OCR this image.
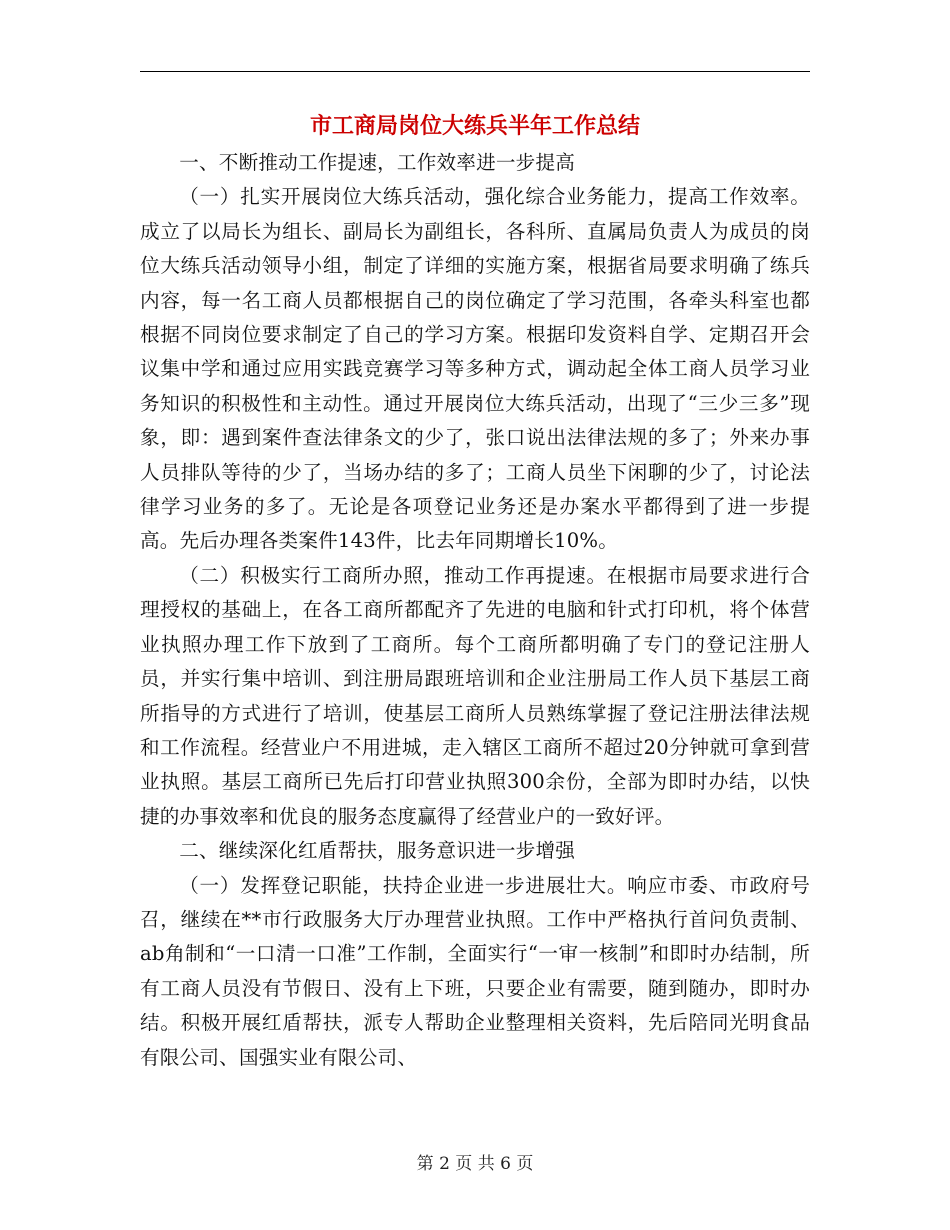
市工商局岗位大练兵半年工作总结

一、不断推动工作提速，工作效率进一步提高

（一）扎实开展岗位大练兵活动，强化综合业务能力，提高工作效率。成立了以局长为组长、副局长为副组长，各科所、直属局负责人为成员的岗位大练兵活动领导小组，制定了详细的实施方案，根据省局要求明确了练兵内容，每一名工商人员都根据自己的岗位确定了学习范围，各牵头科室也都根据不同岗位要求制定了自己的学习方案。根据印发资料自学、定期召开会议集中学和通过应用实践竞赛学习等多种方式，调动起全体工商人员学习业务知识的积极性和主动性。通过开展岗位大练兵活动，出现了“三少三多”现象，即：遇到案件查法律条文的少了，张口说出法律法规的多了；外来办事人员排队等待的少了，当场办结的多了；工商人员坐下闲聊的少了，讨论法律学习业务的多了。无论是各项登记业务还是办案水平都得到了进一步提高。先后办理各类案件143件，比去年同期增长10%。

（二）积极实行工商所办照，推动工作再提速。在根据市局要求进行合理授权的基础上，在各工商所都配齐了先进的电脑和针式打印机，将个体营业执照办理工作下放到了工商所。每个工商所都明确了专门的登记注册人员，并实行集中培训、到注册局跟班培训和企业注册局工作人员下基层工商所指导的方式进行了培训，使基层工商所人员熟练掌握了登记注册法律法规和工作流程。经营业户不用进城，走入辖区工商所不超过20分钟就可拿到营业执照。基层工商所已先后打印营业执照300余份，全部为即时办结，以快捷的办事效率和优良的服务态度赢得了经营业户的一致好评。

二、继续深化红盾帮扶，服务意识进一步增强

（一）发挥登记职能，扶持企业进一步进展壮大。响应市委、市政府号召，继续在**市行政服务大厅办理营业执照。工作中严格执行首问负责制、ab角制和“一口清一口准”工作制，全面实行“一审一核制”和即时办结制，所有工商人员没有节假日、没有上下班，只要企业有需要，随到随办，即时办结。积极开展红盾帮扶，派专人帮助企业整理相关资料，先后陪同光明食品有限公司、国强实业有限公司、

第 2 页 共 6 页
